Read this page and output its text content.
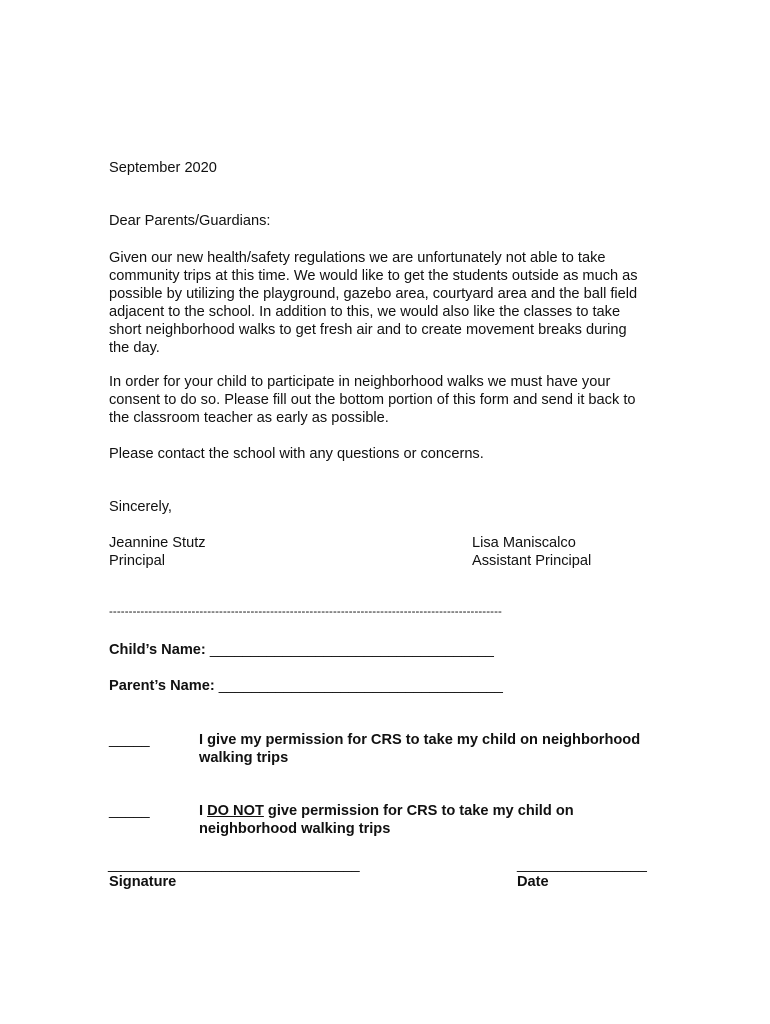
September 2020
Dear Parents/Guardians:
Given our new health/safety regulations we are unfortunately not able to take
community trips at this time. We would like to get the students outside as much as
possible by utilizing the playground, gazebo area, courtyard area and the ball field
adjacent to the school. In addition to this, we would also like the classes to take
short neighborhood walks to get fresh air and to create movement breaks during
the day.
In order for your child to participate in neighborhood walks we must have your
consent to do so. Please fill out the bottom portion of this form and send it back to
the classroom teacher as early as possible.
Please contact the school with any questions or concerns.
Sincerely,
Jeannine Stutz
Principal
Lisa Maniscalco
Assistant Principal
----------------------------------------------------------------------------------------------------
Child’s Name: ___________________________________
Parent’s Name: ___________________________________
_____	I give my permission for CRS to take my child on neighborhood
walking trips
_____	I DO NOT give permission for CRS to take my child on
neighborhood walking trips
_______________________________
Signature
________________
Date
